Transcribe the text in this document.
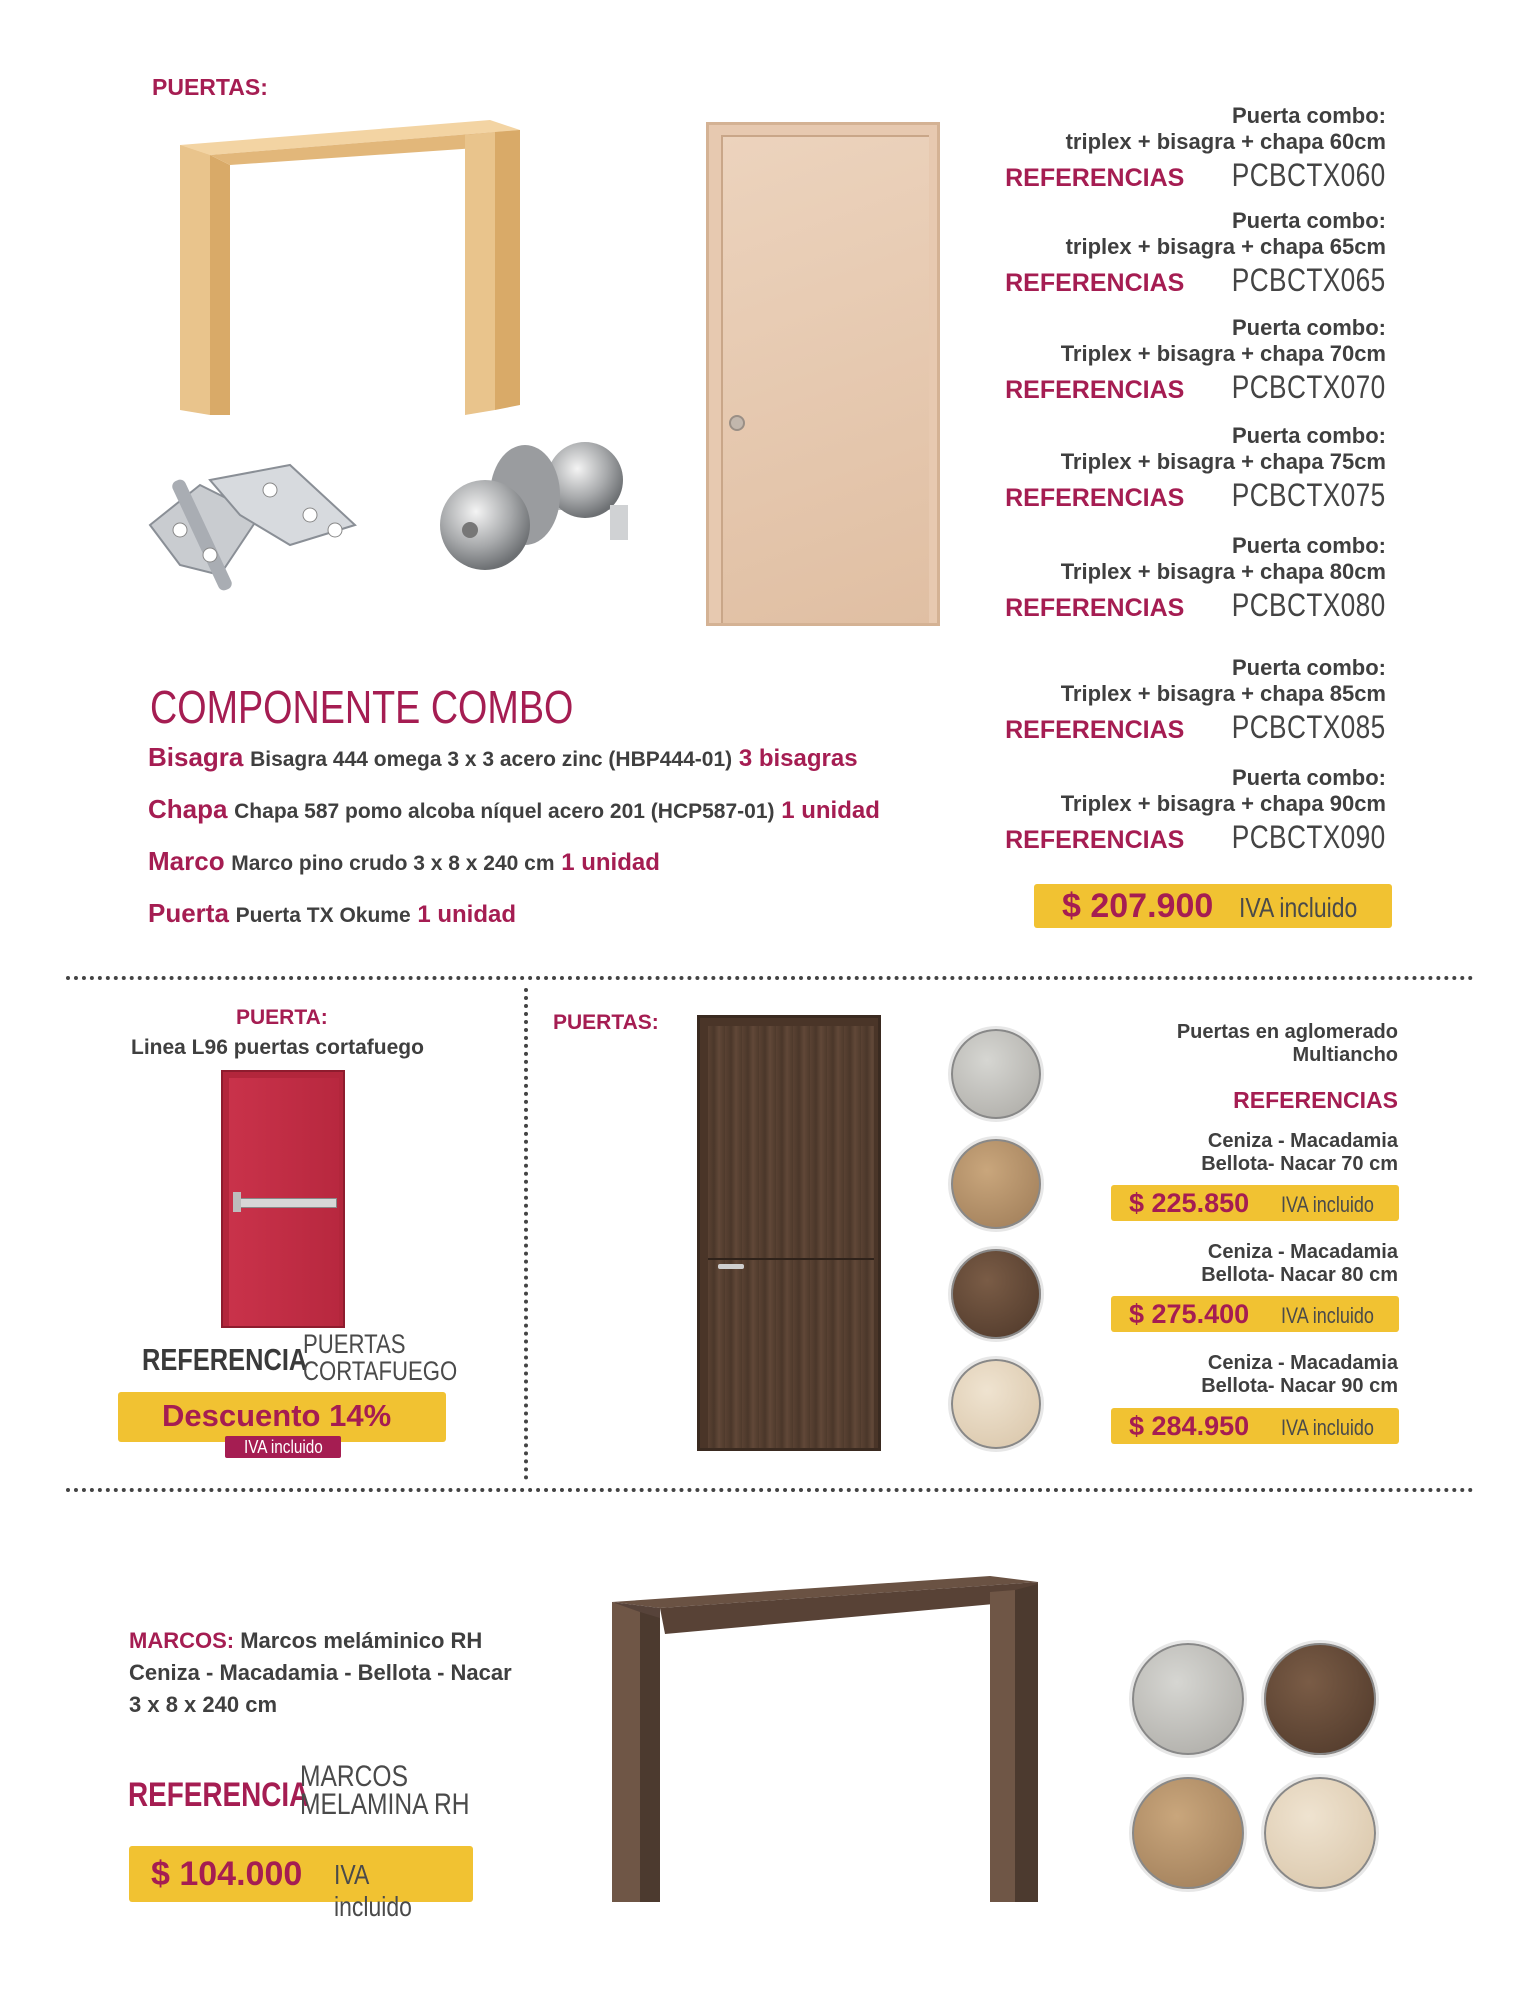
PUERTAS:
COMPONENTE COMBO
Bisagra Bisagra 444 omega 3 x 3 acero zinc (HBP444-01) 3 bisagras
Chapa Chapa 587 pomo alcoba níquel acero 201 (HCP587-01) 1 unidad
Marco Marco pino crudo 3 x 8 x 240 cm 1 unidad
Puerta Puerta TX Okume 1 unidad
Puerta combo:
triplex + bisagra + chapa 60cm
REFERENCIAS PCBCTX060
Puerta combo:
triplex + bisagra + chapa 65cm
REFERENCIAS PCBCTX065
Puerta combo:
Triplex + bisagra + chapa 70cm
REFERENCIAS PCBCTX070
Puerta combo:
Triplex + bisagra + chapa 75cm
REFERENCIAS PCBCTX075
Puerta combo:
Triplex + bisagra + chapa 80cm
REFERENCIAS PCBCTX080
Puerta combo:
Triplex + bisagra + chapa 85cm
REFERENCIAS PCBCTX085
Puerta combo:
Triplex + bisagra + chapa 90cm
REFERENCIAS PCBCTX090
$ 207.900 IVA incluido
PUERTA:
Linea L96 puertas cortafuego
REFERENCIA
PUERTAS
CORTAFUEGO
Descuento 14%
IVA incluido
PUERTAS:	Puertas en aglomerado
Multiancho
REFERENCIAS
Ceniza - Macadamia
Bellota- Nacar 70 cm
$ 225.850 IVA incluido
Ceniza - Macadamia
Bellota- Nacar 80 cm
$ 275.400 IVA incluido
Ceniza - Macadamia
Bellota- Nacar 90 cm
$ 284.950 IVA incluido
MARCOS: Marcos meláminico RH
Ceniza - Macadamia - Bellota - Nacar
3 x 8 x 240 cm
REFERENCIA
MARCOS
MELAMINA RH
$ 104.000 IVA incluido
